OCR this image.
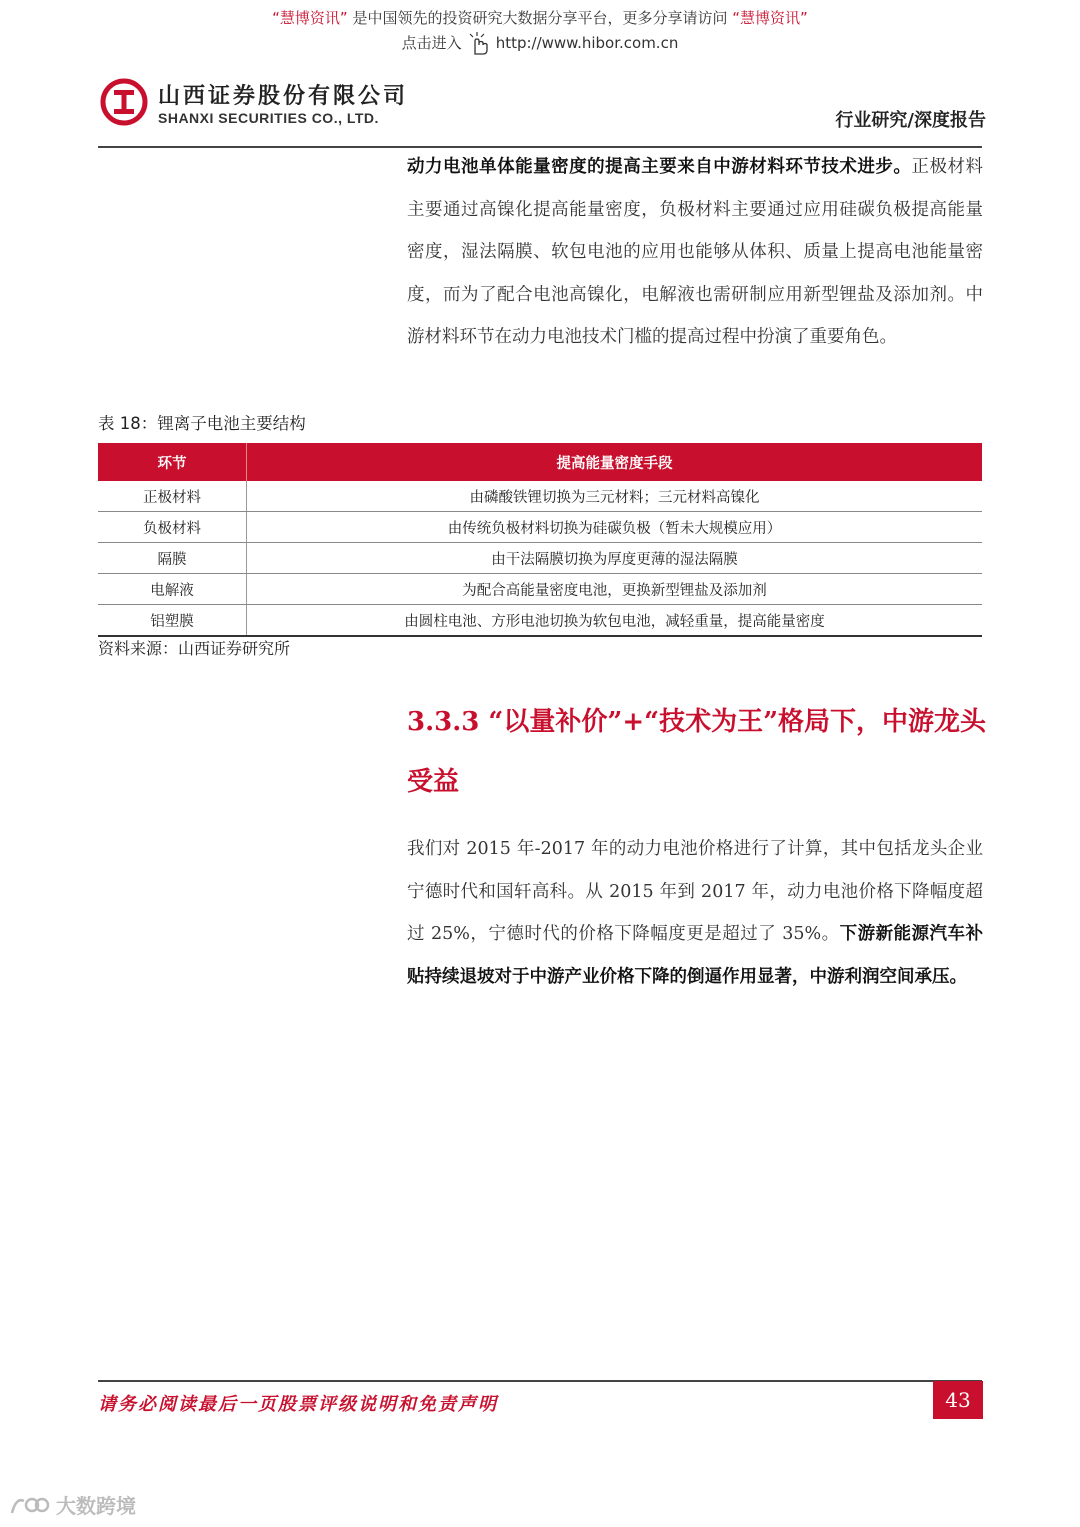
“慧博资讯” 是中国领先的投资研究大数据分享平台，更多分享请访问 “慧博资讯”
点击进入 http://www.hibor.com.cn
山西证券股份有限公司
SHANXI SECURITIES CO., LTD.	行业研究/深度报告
动力电池单体能量密度的提高主要来自中游材料环节技术进步。正极材料主要通过高镍化提高能量密度，负极材料主要通过应用硅碳负极提高能量密度，湿法隔膜、软包电池的应用也能够从体积、质量上提高电池能量密度，而为了配合电池高镍化，电解液也需研制应用新型锂盐及添加剂。中游材料环节在动力电池技术门槛的提高过程中扮演了重要角色。
表 18：锂离子电池主要结构
环节	提高能量密度手段
正极材料	由磷酸铁锂切换为三元材料；三元材料高镍化
负极材料	由传统负极材料切换为硅碳负极（暂未大规模应用）
隔膜	由干法隔膜切换为厚度更薄的湿法隔膜
电解液	为配合高能量密度电池，更换新型锂盐及添加剂
铝塑膜	由圆柱电池、方形电池切换为软包电池，减轻重量，提高能量密度
资料来源：山西证券研究所
3.3.3 “以量补价”+“技术为王”格局下，中游龙头受益
我们对 2015 年-2017 年的动力电池价格进行了计算，其中包括龙头企业宁德时代和国轩高科。从 2015 年到 2017 年，动力电池价格下降幅度超过 25%，宁德时代的价格下降幅度更是超过了 35%。下游新能源汽车补贴持续退坡对于中游产业价格下降的倒逼作用显著，中游利润空间承压。
请务必阅读最后一页股票评级说明和免责声明	43
大数跨境
